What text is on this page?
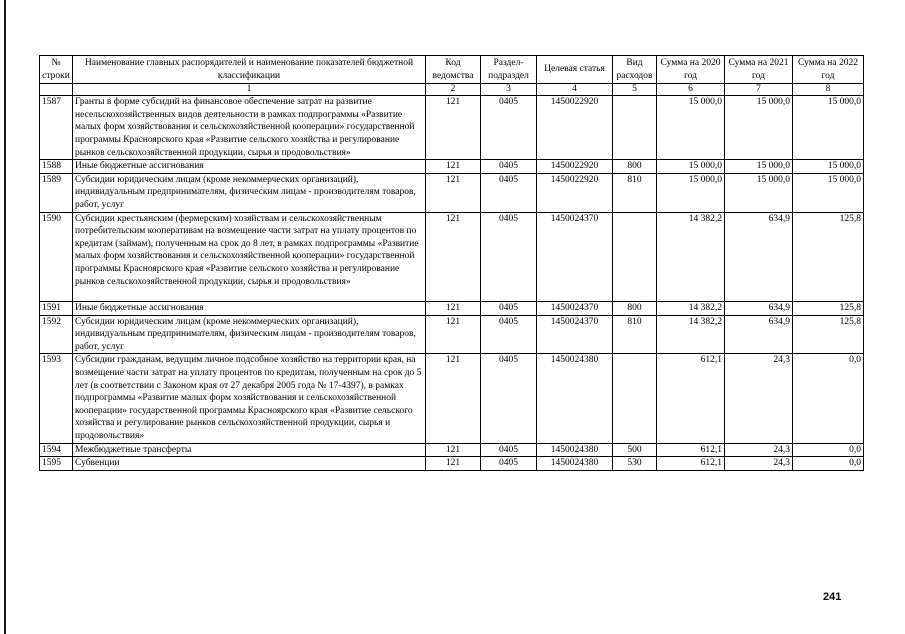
№ строки	Наименование главных распорядителей и наименование показателей бюджетной классификации	Код ведомства	Раздел-подраздел	Целевая статья	Вид расходов	Сумма на 2020 год	Сумма на 2021 год	Сумма на 2022 год
	1	2	3	4	5	6	7	8
1587	Гранты в форме субсидий на финансовое обеспечение затрат на развитие несельскохозяйственных видов деятельности в рамках подпрограммы «Развитие малых форм хозяйствования и сельскохозяйственной кооперации» государственной программы Красноярского края «Развитие сельского хозяйства и регулирование рынков сельскохозяйственной продукции, сырья и продовольствия»	121	0405	1450022920		15 000,0	15 000,0	15 000,0
1588	Иные бюджетные ассигнования	121	0405	1450022920	800	15 000,0	15 000,0	15 000,0
1589	Субсидии юридическим лицам (кроме некоммерческих организаций), индивидуальным предпринимателям, физическим лицам - производителям товаров, работ, услуг	121	0405	1450022920	810	15 000,0	15 000,0	15 000,0
1590	Субсидии крестьянским (фермерским) хозяйствам и сельскохозяйственным потребительским кооперативам на возмещение части затрат на уплату процентов по кредитам (займам), полученным на срок до 8 лет, в рамках подпрограммы «Развитие малых форм хозяйствования и сельскохозяйственной кооперации» государственной программы Красноярского края «Развитие сельского хозяйства и регулирование рынков сельскохозяйственной продукции, сырья и продовольствия»	121	0405	1450024370		14 382,2	634,9	125,8
1591	Иные бюджетные ассигнования	121	0405	1450024370	800	14 382,2	634,9	125,8
1592	Субсидии юридическим лицам (кроме некоммерческих организаций), индивидуальным предпринимателям, физическим лицам - производителям товаров, работ, услуг	121	0405	1450024370	810	14 382,2	634,9	125,8
1593	Субсидии гражданам, ведущим личное подсобное хозяйство на территории края, на возмещение части затрат на уплату процентов по кредитам, полученным на срок до 5 лет (в соответствии с Законом края от 27 декабря 2005 года № 17-4397), в рамках подпрограммы «Развитие малых форм хозяйствования и сельскохозяйственной кооперации» государственной программы Красноярского края «Развитие сельского хозяйства и регулирование рынков сельскохозяйственной продукции, сырья и продовольствия»	121	0405	1450024380		612,1	24,3	0,0
1594	Межбюджетные трансферты	121	0405	1450024380	500	612,1	24,3	0,0
1595	Субвенции	121	0405	1450024380	530	612,1	24,3	0,0
241
